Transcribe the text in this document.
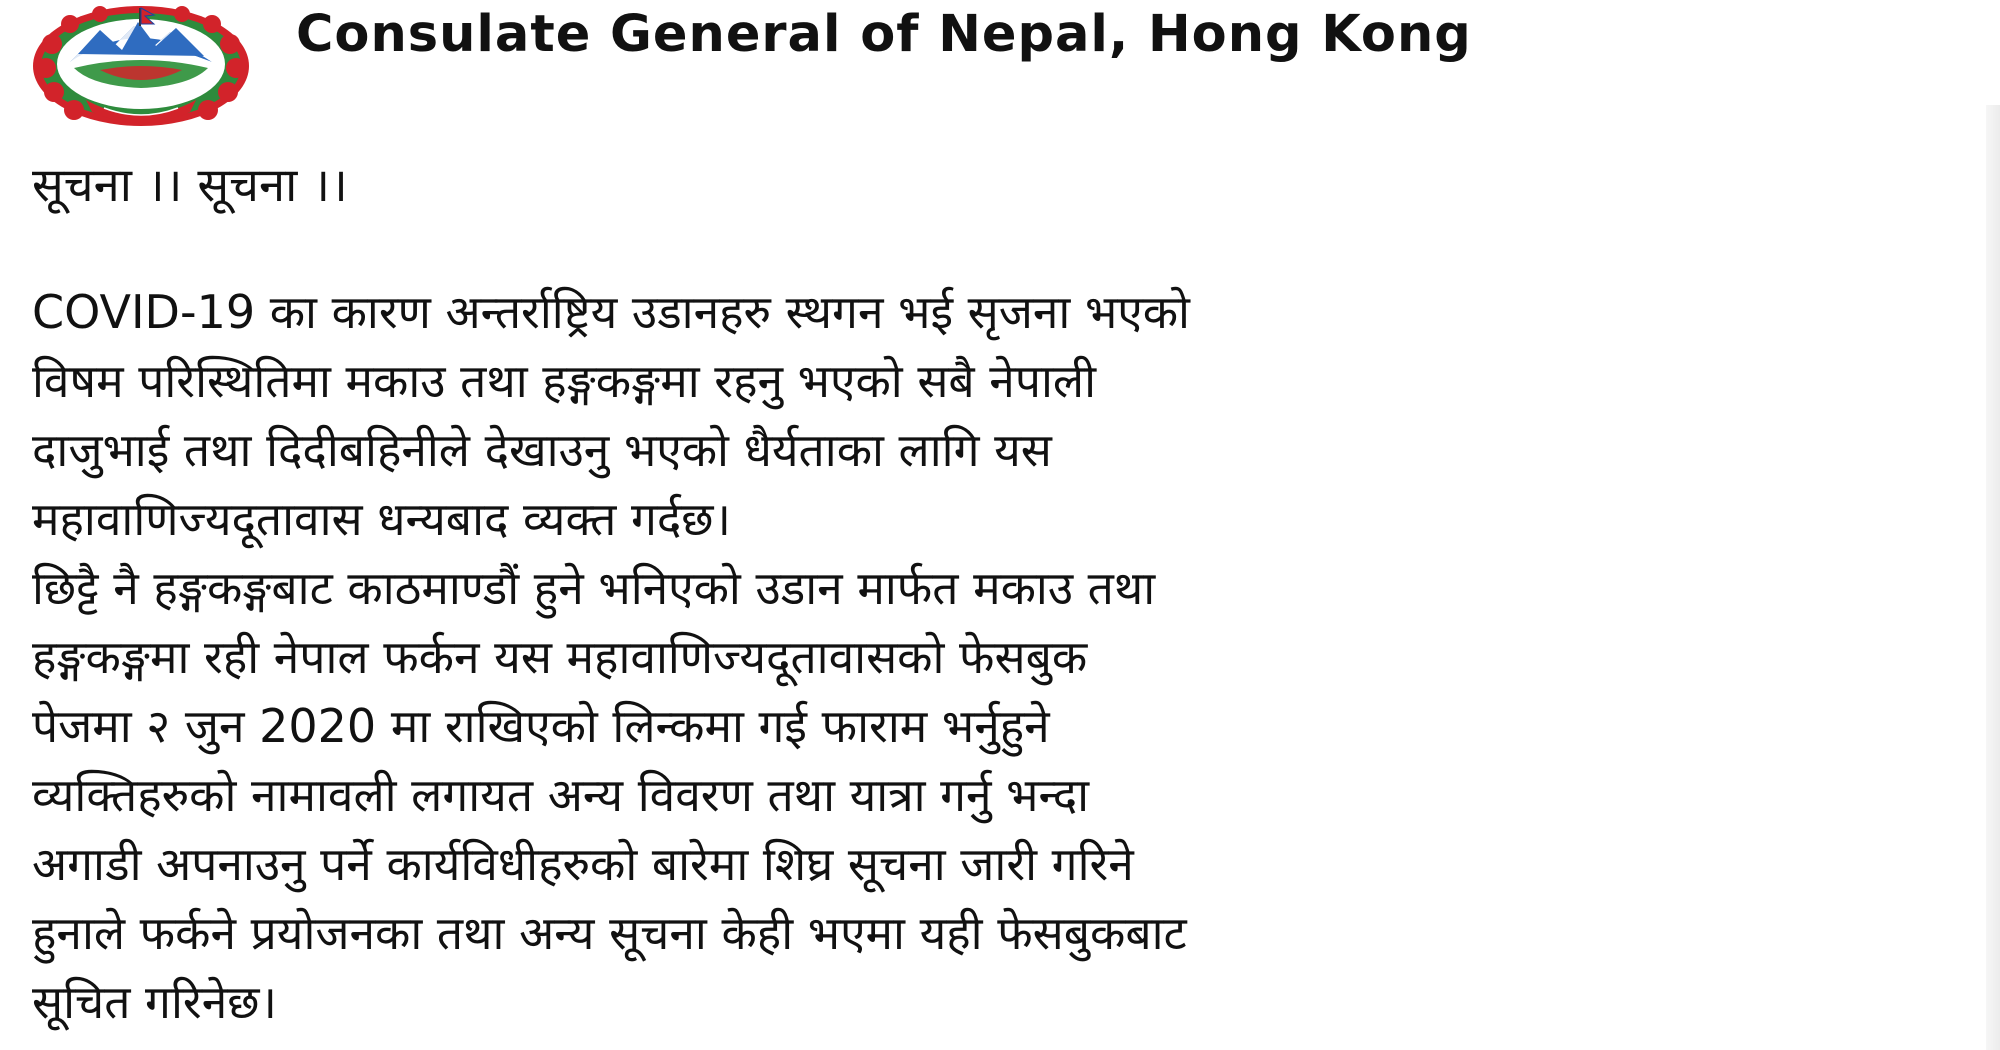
Consulate General of Nepal, Hong Kong
सूचना ।। सूचना ।।
COVID-19 का कारण अन्तर्राष्ट्रिय उडानहरु स्थगन भई सृजना भएको
विषम परिस्थितिमा मकाउ तथा हङ्गकङ्गमा रहनु भएको सबै नेपाली
दाजुभाई तथा दिदीबहिनीले देखाउनु भएको धैर्यताका लागि यस
महावाणिज्यदूतावास धन्यबाद व्यक्त गर्दछ।
छिट्टै नै हङ्गकङ्गबाट काठमाण्डौं हुने भनिएको उडान मार्फत मकाउ तथा
हङ्गकङ्गमा रही नेपाल फर्कन यस महावाणिज्यदूतावासको फेसबुक
पेजमा २ जुन 2020 मा राखिएको लिन्कमा गई फाराम भर्नुहुने
व्यक्तिहरुको नामावली लगायत अन्य विवरण तथा यात्रा गर्नु भन्दा
अगाडी अपनाउनु पर्ने कार्यविधीहरुको बारेमा शिघ्र सूचना जारी गरिने
हुनाले फर्कने प्रयोजनका तथा अन्य सूचना केही भएमा यही फेसबुकबाट
सूचित गरिनेछ।
